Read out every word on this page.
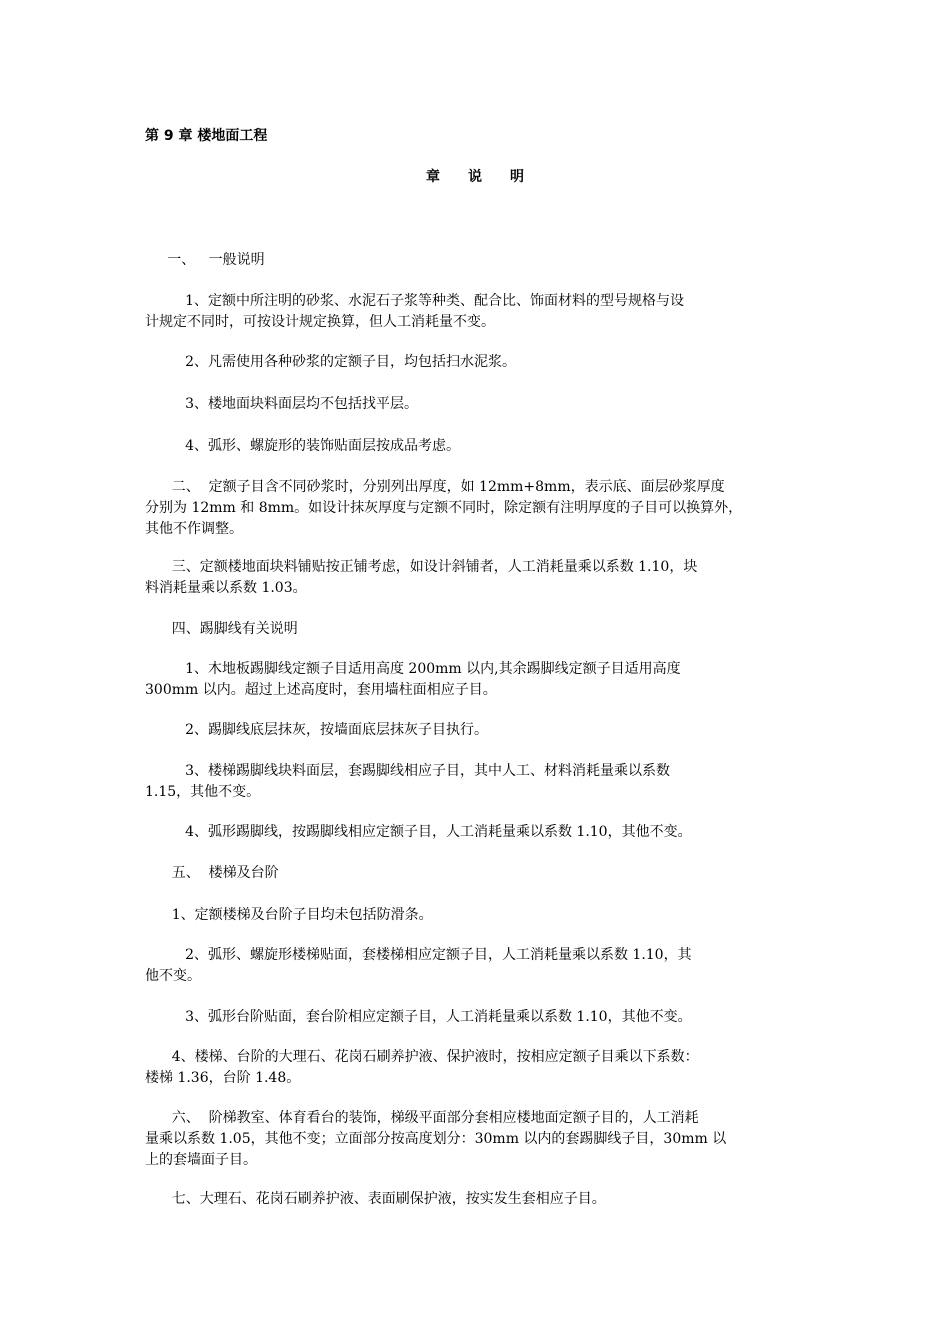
第 9 章 楼地面工程
章说明
一、   一般说明
1、定额中所注明的砂浆、水泥石子浆等种类、配合比、饰面材料的型号规格与设
计规定不同时，可按设计规定换算，但人工消耗量不变。
2、凡需使用各种砂浆的定额子目，均包括扫水泥浆。
3、楼地面块料面层均不包括找平层。
4、弧形、螺旋形的装饰贴面层按成品考虑。
二、  定额子目含不同砂浆时，分别列出厚度，如 12mm+8mm，表示底、面层砂浆厚度
分别为 12mm 和 8mm。如设计抹灰厚度与定额不同时，除定额有注明厚度的子目可以换算外，
其他不作调整。
三、定额楼地面块料铺贴按正铺考虑，如设计斜铺者，人工消耗量乘以系数 1.10，块
料消耗量乘以系数 1.03。
四、踢脚线有关说明
1、木地板踢脚线定额子目适用高度 200mm 以内,其余踢脚线定额子目适用高度
300mm 以内。超过上述高度时，套用墙柱面相应子目。
2、踢脚线底层抹灰，按墙面底层抹灰子目执行。
3、楼梯踢脚线块料面层，套踢脚线相应子目，其中人工、材料消耗量乘以系数
1.15，其他不变。
4、弧形踢脚线，按踢脚线相应定额子目，人工消耗量乘以系数 1.10，其他不变。
五、  楼梯及台阶
1、定额楼梯及台阶子目均未包括防滑条。
2、弧形、螺旋形楼梯贴面，套楼梯相应定额子目，人工消耗量乘以系数 1.10，其
他不变。
3、弧形台阶贴面，套台阶相应定额子目，人工消耗量乘以系数 1.10，其他不变。
4、楼梯、台阶的大理石、花岗石刷养护液、保护液时，按相应定额子目乘以下系数：
楼梯 1.36，台阶 1.48。
六、  阶梯教室、体育看台的装饰，梯级平面部分套相应楼地面定额子目的，人工消耗
量乘以系数 1.05，其他不变；立面部分按高度划分：30mm 以内的套踢脚线子目，30mm 以
上的套墙面子目。
七、大理石、花岗石刷养护液、表面刷保护液，按实发生套相应子目。
